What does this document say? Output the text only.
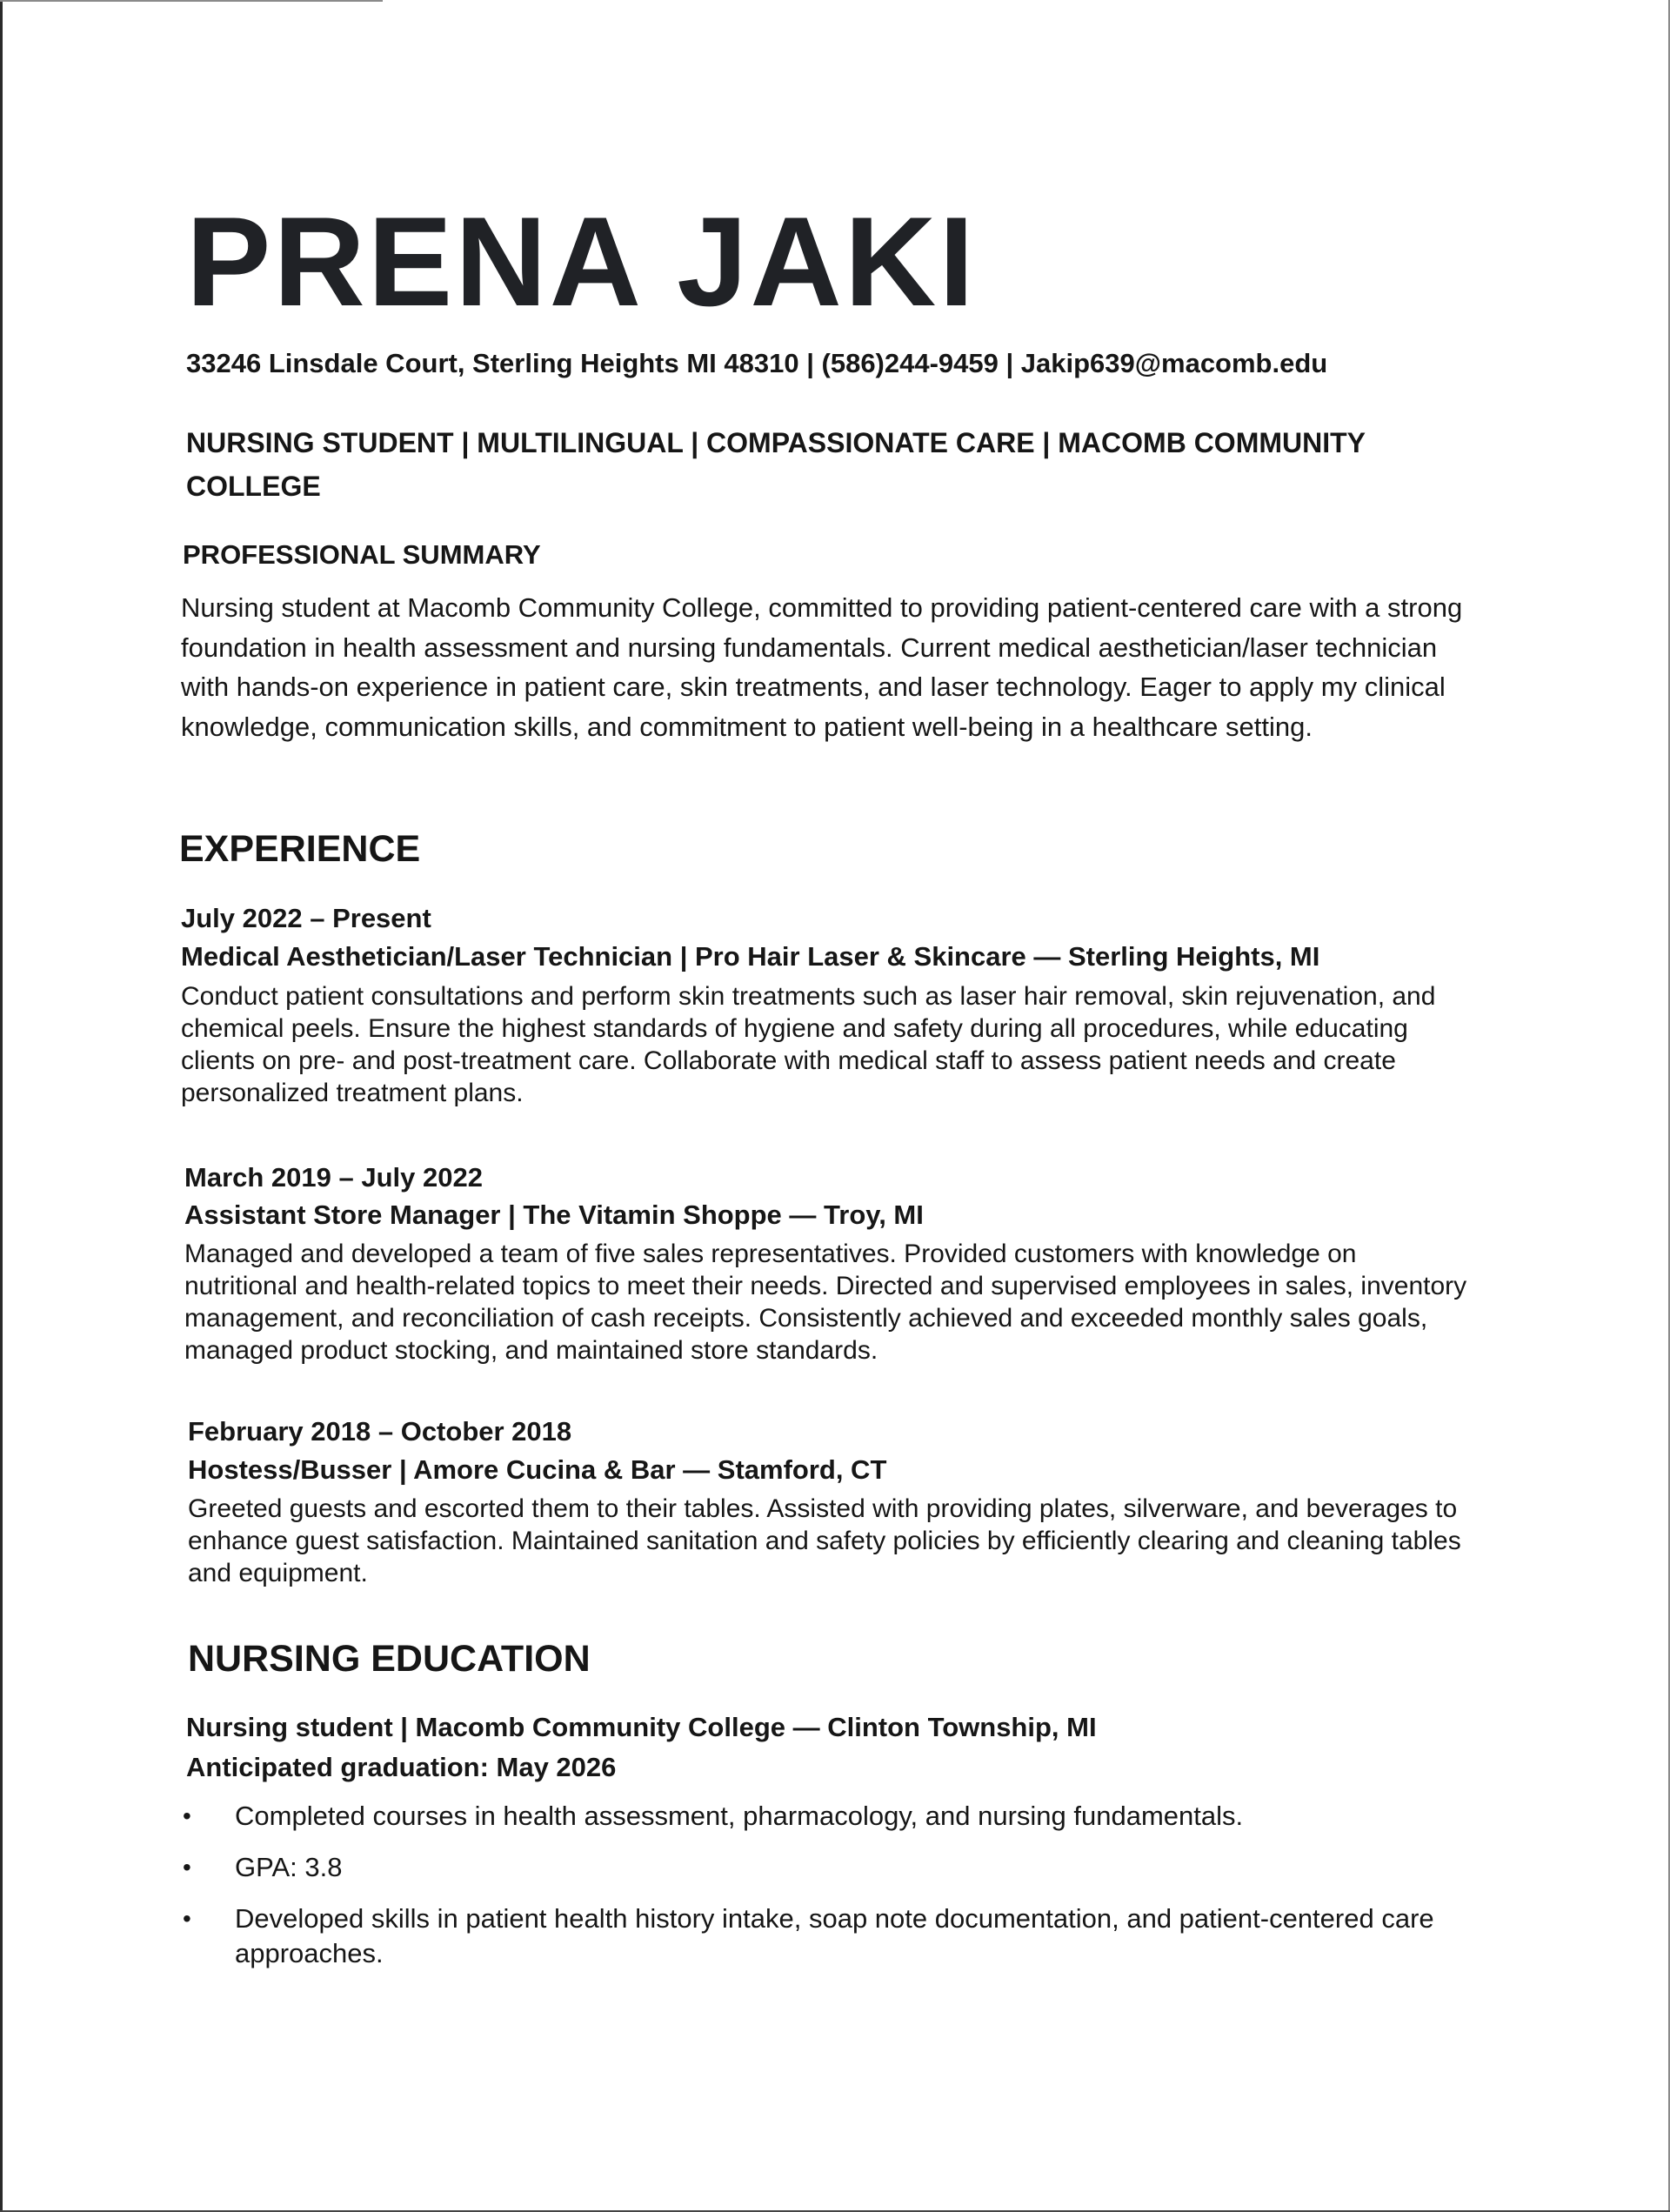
PRENA JAKI
33246 Linsdale Court, Sterling Heights MI 48310 | (586)244-9459 | Jakip639@macomb.edu
NURSING STUDENT | MULTILINGUAL | COMPASSIONATE CARE | MACOMB COMMUNITY COLLEGE
PROFESSIONAL SUMMARY
Nursing student at Macomb Community College, committed to providing patient-centered care with a strong foundation in health assessment and nursing fundamentals. Current medical aesthetician/laser technician with hands-on experience in patient care, skin treatments, and laser technology. Eager to apply my clinical knowledge, communication skills, and commitment to patient well-being in a healthcare setting.
EXPERIENCE
July 2022 – Present
Medical Aesthetician/Laser Technician | Pro Hair Laser & Skincare — Sterling Heights, MI
Conduct patient consultations and perform skin treatments such as laser hair removal, skin rejuvenation, and chemical peels. Ensure the highest standards of hygiene and safety during all procedures, while educating clients on pre- and post-treatment care. Collaborate with medical staff to assess patient needs and create personalized treatment plans.
March 2019 – July 2022
Assistant Store Manager | The Vitamin Shoppe — Troy, MI
Managed and developed a team of five sales representatives. Provided customers with knowledge on nutritional and health-related topics to meet their needs. Directed and supervised employees in sales, inventory management, and reconciliation of cash receipts. Consistently achieved and exceeded monthly sales goals, managed product stocking, and maintained store standards.
February 2018 – October 2018
Hostess/Busser | Amore Cucina & Bar — Stamford, CT
Greeted guests and escorted them to their tables. Assisted with providing plates, silverware, and beverages to enhance guest satisfaction. Maintained sanitation and safety policies by efficiently clearing and cleaning tables and equipment.
NURSING EDUCATION
Nursing student | Macomb Community College — Clinton Township, MI
Anticipated graduation: May 2026
• Completed courses in health assessment, pharmacology, and nursing fundamentals.
• GPA: 3.8
• Developed skills in patient health history intake, soap note documentation, and patient-centered care approaches.
